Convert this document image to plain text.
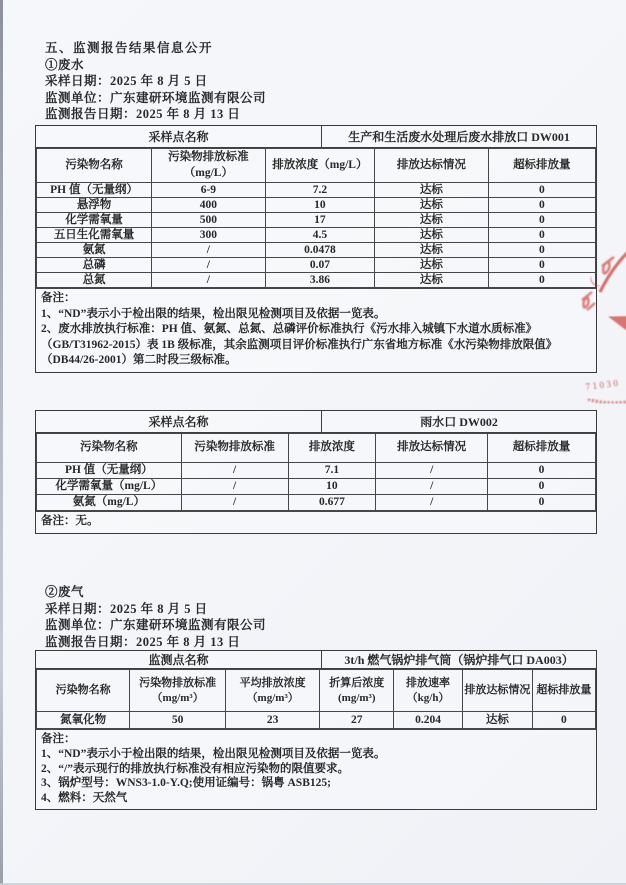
五、监测报告结果信息公开
①废水
采样日期：2025 年 8 月 5 日
监测单位：广东建研环境监测有限公司
监测报告日期：2025 年 8 月 13 日
采样点名称	生产和生活废水处理后废水排放口 DW001
污染物名称	污染物排放标准（mg/L）	排放浓度（mg/L）	排放达标情况	超标排放量
PH 值（无量纲）	6-9	7.2	达标	0
悬浮物	400	10	达标	0
化学需氧量	500	17	达标	0
五日生化需氧量	300	4.5	达标	0
氨氮	/	0.0478	达标	0
总磷	/	0.07	达标	0
总氮	/	3.86	达标	0
备注：
1、“ND”表示小于检出限的结果，检出限见检测项目及依据一览表。
2、废水排放执行标准：PH 值、氨氮、总氮、总磷评价标准执行《污水排入城镇下水道水质标准》（GB/T31962-2015）表 1B 级标准，其余监测项目评价标准执行广东省地方标准《水污染物排放限值》（DB44/26-2001）第二时段三级标准。
采样点名称	雨水口 DW002
污染物名称	污染物排放标准	排放浓度	排放达标情况	超标排放量
PH 值（无量纲）	/	7.1	/	0
化学需氧量（mg/L）	/	10	/	0
氨氮（mg/L）	/	0.677	/	0
备注：无。
②废气
采样日期：2025 年 8 月 5 日
监测单位：广东建研环境监测有限公司
监测报告日期：2025 年 8 月 13 日
监测点名称	3t/h 燃气锅炉排气筒（锅炉排气口 DA003）
污染物名称	污染物排放标准（mg/m³）	平均排放浓度（mg/m³）	折算后浓度(mg/m³)	排放速率（kg/h）	排放达标情况	超标排放量
氮氧化物	50	23	27	0.204	达标	0
备注：
1、“ND”表示小于检出限的结果，检出限见检测项目及依据一览表。
2、“/”表示现行的排放执行标准没有相应污染物的限值要求。
3、锅炉型号：WNS3-1.0-Y.Q;使用证编号：锅粤 ASB125;
4、燃料：天然气
（
71030
